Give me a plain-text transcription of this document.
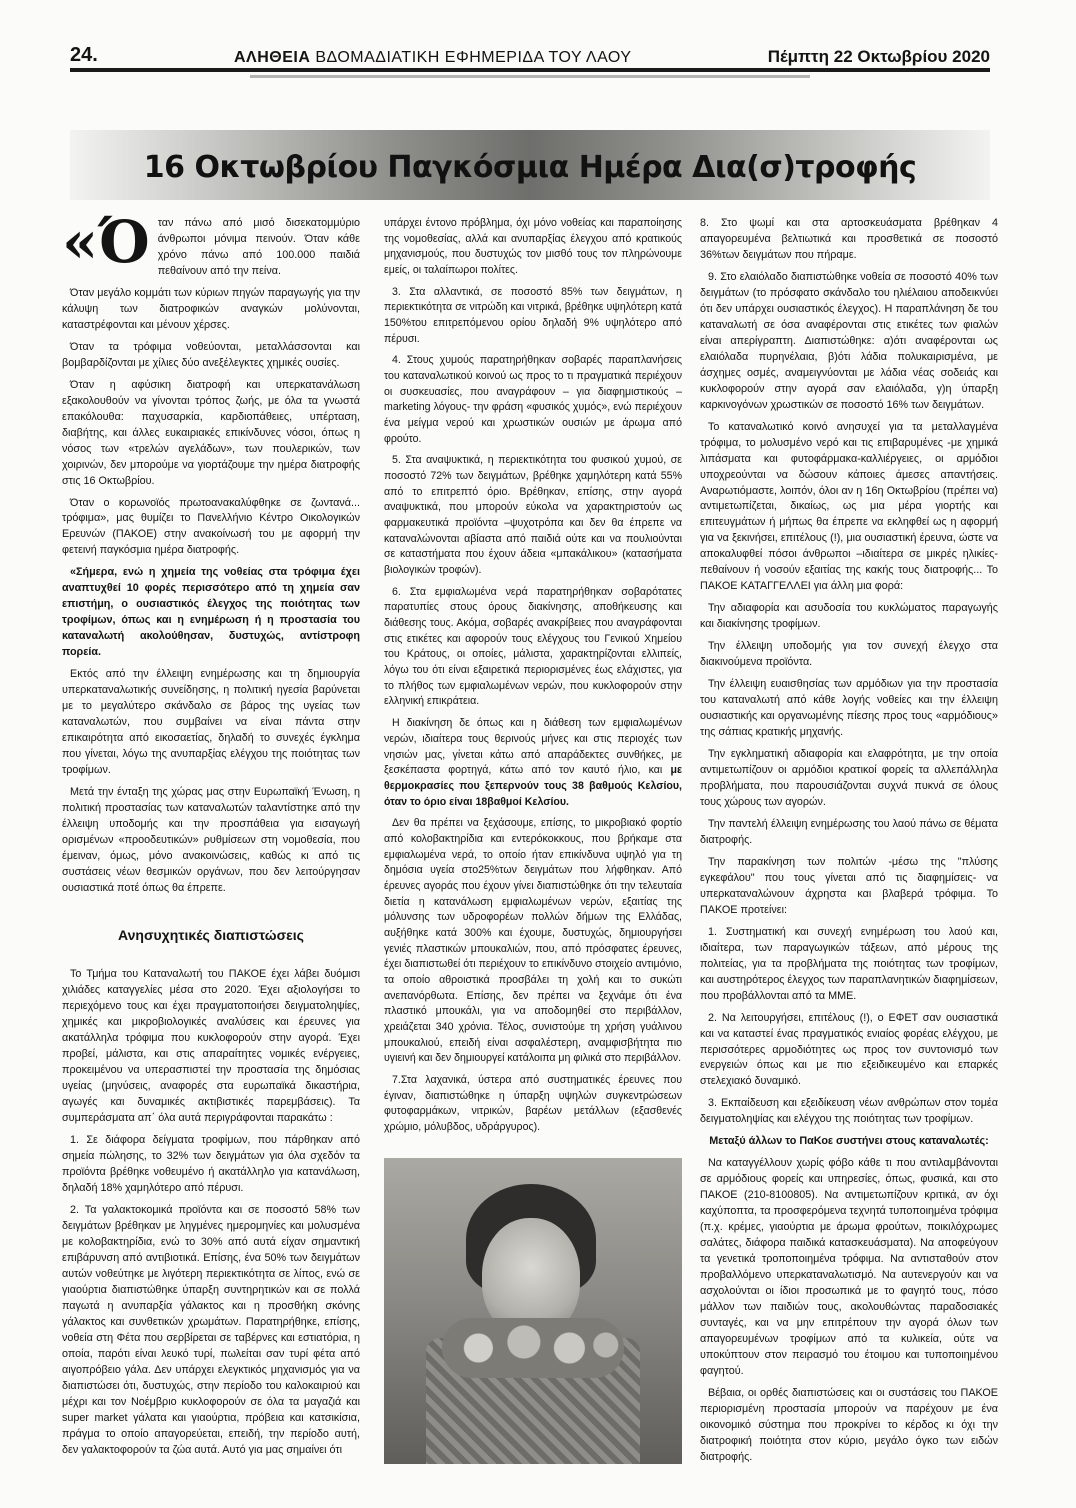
24.	ΑΛΗΘΕΙΑ ΒΔΟΜΑΔΙΑΤΙΚΗ ΕΦΗΜΕΡΙΔΑ ΤΟΥ ΛΑΟΥ	Πέμπτη 22 Οκτωβρίου 2020
16 Οκτωβρίου Παγκόσμια Ημέρα Δια(σ)τροφής
«Ό ταν πάνω από μισό δισεκατομμύριο άνθρωποι μόνιμα πεινούν. Όταν κάθε χρόνο πάνω από 100.000 παιδιά πεθαίνουν από την πείνα.

Όταν μεγάλο κομμάτι των κύριων πηγών παραγωγής για την κάλυψη των διατροφικών αναγκών μολύνονται, καταστρέφονται και μένουν χέρσες.

Όταν τα τρόφιμα νοθεύονται, μεταλλάσσονται και βομβαρδίζονται με χίλιες δύο ανεξέλεγκτες χημικές ουσίες.

Όταν η αφύσικη διατροφή και υπερκατανάλωση εξακολουθούν να γίνονται τρόπος ζωής, με όλα τα γνωστά επακόλουθα: παχυσαρκία, καρδιοπάθειες, υπέρταση, διαβήτης, και άλλες ευκαιριακές επικίνδυνες νόσοι, όπως η νόσος των «τρελών αγελάδων», των πουλερικών, των χοιρινών, δεν μπορούμε να γιορτάζουμε την ημέρα διατροφής στις 16 Οκτωβρίου.

Όταν ο κορωνοϊός πρωτοανακαλύφθηκε σε ζωντανά... τρόφιμα», μας θυμίζει το Πανελλήνιο Κέντρο Οικολογικών Ερευνών (ΠΑΚΟΕ) στην ανακοίνωσή του με αφορμή την φετεινή παγκόσμια ημέρα διατροφής.

«Σήμερα, ενώ η χημεία της νοθείας στα τρόφιμα έχει αναπτυχθεί 10 φορές περισσότερο από τη χημεία σαν επιστήμη, ο ουσιαστικός έλεγχος της ποιότητας των τροφίμων, όπως και η ενημέρωση ή η προστασία του καταναλωτή ακολούθησαν, δυστυχώς, αντίστροφη πορεία.

Εκτός από την έλλειψη ενημέρωσης και τη δημιουργία υπερκαταναλωτικής συνείδησης, η πολιτική ηγεσία βαρύνεται με το μεγαλύτερο σκάνδαλο σε βάρος της υγείας των καταναλωτών, που συμβαίνει να είναι πάντα στην επικαιρότητα από εικοσαετίας, δηλαδή το συνεχές έγκλημα που γίνεται, λόγω της ανυπαρξίας ελέγχου της ποιότητας των τροφίμων.

Μετά την ένταξη της χώρας μας στην Ευρωπαϊκή Ένωση, η πολιτική προστασίας των καταναλωτών ταλαντίστηκε από την έλλειψη υποδομής και την προσπάθεια για εισαγωγή ορισμένων «προοδευτικών» ρυθμίσεων στη νομοθεσία, που έμειναν, όμως, μόνο ανακοινώσεις, καθώς κι από τις συστάσεις νέων θεσμικών οργάνων, που δεν λειτούργησαν ουσιαστικά ποτέ όπως θα έπρεπε.

Ανησυχητικές διαπιστώσεις

Το Τμήμα του Καταναλωτή του ΠΑΚΟΕ έχει λάβει δυόμισι χιλιάδες καταγγελίες μέσα στο 2020. Έχει αξιολογήσει το περιεχόμενο τους και έχει πραγματοποιήσει δειγματοληψίες, χημικές και μικροβιολογικές αναλύσεις και έρευνες για ακατάλληλα τρόφιμα που κυκλοφορούν στην αγορά. Έχει προβεί, μάλιστα, και στις απαραίτητες νομικές ενέργειες, προκειμένου να υπερασπιστεί την προστασία της δημόσιας υγείας (μηνύσεις, αναφορές στα ευρωπαϊκά δικαστήρια, αγωγές και δυναμικές ακτιβιστικές παρεμβάσεις). Τα συμπεράσματα απ΄ όλα αυτά περιγράφονται παρακάτω :

1. Σε διάφορα δείγματα τροφίμων, που πάρθηκαν από σημεία πώλησης, το 32% των δειγμάτων για όλα σχεδόν τα προϊόντα βρέθηκε νοθευμένο ή ακατάλληλο για κατανάλωση, δηλαδή 18% χαμηλότερο από πέρυσι.

2. Τα γαλακτοκομικά προϊόντα και σε ποσοστό 58% των δειγμάτων βρέθηκαν με ληγμένες ημερομηνίες και μολυσμένα με κολοβακτηρίδια, ενώ το 30% από αυτά είχαν σημαντική επιβάρυνση από αντιβιοτικά. Επίσης, ένα 50% των δειγμάτων αυτών νοθεύτηκε με λιγότερη περιεκτικότητα σε λίπος, ενώ σε γιαούρτια διαπιστώθηκε ύπαρξη συντηρητικών και σε πολλά παγωτά η ανυπαρξία γάλακτος και η προσθήκη σκόνης γάλακτος και συνθετικών χρωμάτων. Παρατηρήθηκε, επίσης, νοθεία στη Φέτα που σερβίρεται σε ταβέρνες και εστιατόρια, η οποία, παρότι είναι λευκό τυρί, πωλείται σαν τυρί φέτα από αιγοπρόβειο γάλα. Δεν υπάρχει ελεγκτικός μηχανισμός για να διαπιστώσει ότι, δυστυχώς, στην περίοδο του καλοκαιριού και μέχρι και τον Νοέμβριο κυκλοφορούν σε όλα τα μαγαζιά και super market γάλατα και γιαούρτια, πρόβεια και κατσικίσια, πράγμα το οποίο απαγορεύεται, επειδή, την περίοδο αυτή, δεν γαλακτοφορούν τα ζώα αυτά. Αυτό για μας σημαίνει ότι

υπάρχει έντονο πρόβλημα, όχι μόνο νοθείας και παραποίησης της νομοθεσίας, αλλά και ανυπαρξίας έλεγχου από κρατικούς μηχανισμούς, που δυστυχώς τον μισθό τους τον πληρώνουμε εμείς, οι ταλαίπωροι πολίτες.

3. Στα αλλαντικά, σε ποσοστό 85% των δειγμάτων, η περιεκτικότητα σε νιτρώδη και νιτρικά, βρέθηκε υψηλότερη κατά 150%του επιτρεπόμενου ορίου δηλαδή 9% υψηλότερο από πέρυσι.

4. Στους χυμούς παρατηρήθηκαν σοβαρές παραπλανήσεις του καταναλωτικού κοινού ως προς το τι πραγματικά περιέχουν οι συσκευασίες, που αναγράφουν – για διαφημιστικούς – marketing λόγους- την φράση «φυσικός χυμός», ενώ περιέχουν ένα μείγμα νερού και χρωστικών ουσιών με άρωμα από φρούτο.

5. Στα αναψυκτικά, η περιεκτικότητα του φυσικού χυμού, σε ποσοστό 72% των δειγμάτων, βρέθηκε χαμηλότερη κατά 55% από το επιτρεπτό όριο. Βρέθηκαν, επίσης, στην αγορά αναψυκτικά, που μπορούν εύκολα να χαρακτηριστούν ως φαρμακευτικά προϊόντα –ψυχοτρόπα και δεν θα έπρεπε να καταναλώνονται αβίαστα από παιδιά ούτε και να πουλιούνται σε καταστήματα που έχουν άδεια «μπακάλικου» (κατασήματα βιολογικών τροφών).

6. Στα εμφιαλωμένα νερά παρατηρήθηκαν σοβαρότατες παρατυπίες στους όρους διακίνησης, αποθήκευσης και διάθεσης τους. Ακόμα, σοβαρές ανακρίβειες που αναγράφονται στις ετικέτες και αφορούν τους ελέγχους του Γενικού Χημείου του Κράτους, οι οποίες, μάλιστα, χαρακτηρίζονται ελλιπείς, λόγω του ότι είναι εξαιρετικά περιορισμένες έως ελάχιστες, για το πλήθος των εμφιαλωμένων νερών, που κυκλοφορούν στην ελληνική επικράτεια.

Η διακίνηση δε όπως και η διάθεση των εμφιαλωμένων νερών, ιδιαίτερα τους θερινούς μήνες και στις περιοχές των νησιών μας, γίνεται κάτω από απαράδεκτες συνθήκες, με ξεσκέπαστα φορτηγά, κάτω από τον καυτό ήλιο, και με θερμοκρασίες που ξεπερνούν τους 38 βαθμούς Κελσίου, όταν το όριο είναι 18βαθμοί Κελσίου.

Δεν θα πρέπει να ξεχάσουμε, επίσης, το μικροβιακό φορτίο από κολοβακτηρίδια και εντερόκοκκους, που βρήκαμε στα εμφιαλωμένα νερά, το οποίο ήταν επικίνδυνα υψηλό για τη δημόσια υγεία στο25%των δειγμάτων που λήφθηκαν. Από έρευνες αγοράς που έχουν γίνει διαπιστώθηκε ότι την τελευταία διετία η κατανάλωση εμφιαλωμένων νερών, εξαιτίας της μόλυνσης των υδροφορέων πολλών δήμων της Ελλάδας, αυξήθηκε κατά 300% και έχουμε, δυστυχώς, δημιουργήσει γενιές πλαστικών μπουκαλιών, που, από πρόσφατες έρευνες, έχει διαπιστωθεί ότι περιέχουν το επικίνδυνο στοιχείο αντιμόνιο, τα οποίο αθροιστικά προσβάλει τη χολή και το συκώτι ανεπανόρθωτα. Επίσης, δεν πρέπει να ξεχνάμε ότι ένα πλαστικό μπουκάλι, για να αποδομηθεί στο περιβάλλον, χρειάζεται 340 χρόνια. Τέλος, συνιστούμε τη χρήση γυάλινου μπουκαλιού, επειδή είναι ασφαλέστερη, αναμφισβήτητα πιο υγιεινή και δεν δημιουργεί κατάλοιπα μη φιλικά στο περιβάλλον.

7.Στα λαχανικά, ύστερα από συστηματικές έρευνες που έγιναν, διαπιστώθηκε η ύπαρξη υψηλών συγκεντρώσεων φυτοφαρμάκων, νιτρικών, βαρέων μετάλλων (εξασθενές χρώμιο, μόλυβδος, υδράργυρος).

8. Στο ψωμί και στα αρτοσκευάσματα βρέθηκαν 4 απαγορευμένα βελτιωτικά και προσθετικά σε ποσοστό 36%των δειγμάτων που πήραμε.

9. Στο ελαιόλαδο διαπιστώθηκε νοθεία σε ποσοστό 40% των δειγμάτων (το πρόσφατο σκάνδαλο του ηλιέλαιου αποδεικνύει ότι δεν υπάρχει ουσιαστικός έλεγχος). Η παραπλάνηση δε του καταναλωτή σε όσα αναφέρονται στις ετικέτες των φιαλών είναι απερίγραπτη. Διαπιστώθηκε: α)ότι αναφέρονται ως ελαιόλαδα πυρηνέλαια, β)ότι λάδια πολυκαιρισμένα, με άσχημες οσμές, αναμειγνύονται με λάδια νέας σοδειάς και κυκλοφορούν στην αγορά σαν ελαιόλαδα, γ)η ύπαρξη καρκινογόνων χρωστικών σε ποσοστό 16% των δειγμάτων.

Το καταναλωτικό κοινό ανησυχεί για τα μεταλλαγμένα τρόφιμα, το μολυσμένο νερό και τις επιβαρυμένες -με χημικά λιπάσματα και φυτοφάρμακα-καλλιέργειες, οι αρμόδιοι υποχρεούνται να δώσουν κάποιες άμεσες απαντήσεις. Αναρωτιόμαστε, λοιπόν, όλοι αν η 16η Οκτωβρίου (πρέπει να) αντιμετωπίζεται, δικαίως, ως μια μέρα γιορτής και επιτευγμάτων ή μήπως θα έπρεπε να εκληφθεί ως η αφορμή για να ξεκινήσει, επιτέλους (!), μια ουσιαστική έρευνα, ώστε να αποκαλυφθεί πόσοι άνθρωποι –ιδιαίτερα σε μικρές ηλικίες-πεθαίνουν ή νοσούν εξαιτίας της κακής τους διατροφής... Το ΠΑΚΟΕ ΚΑΤΑΓΓΕΛΛΕΙ για άλλη μια φορά:

Την αδιαφορία και ασυδοσία του κυκλώματος παραγωγής και διακίνησης τροφίμων.

Την έλλειψη υποδομής για τον συνεχή έλεγχο στα διακινούμενα προϊόντα.

Την έλλειψη ευαισθησίας των αρμόδιων για την προστασία του καταναλωτή από κάθε λογής νοθείες και την έλλειψη ουσιαστικής και οργανωμένης πίεσης προς τους «αρμόδιους» της σάπιας κρατικής μηχανής.

Την εγκληματική αδιαφορία και ελαφρότητα, με την οποία αντιμετωπίζουν οι αρμόδιοι κρατικοί φορείς τα αλλεπάλληλα προβλήματα, που παρουσιάζονται συχνά πυκνά σε όλους τους χώρους των αγορών.

Την παντελή έλλειψη ενημέρωσης του λαού πάνω σε θέματα διατροφής.

Την παρακίνηση των πολιτών -μέσω της "πλύσης εγκεφάλου" που τους γίνεται από τις διαφημίσεις- να υπερκαταναλώνουν άχρηστα και βλαβερά τρόφιμα. Το ΠΑΚΟΕ προτείνει:

1. Συστηματική και συνεχή ενημέρωση του λαού και, ιδιαίτερα, των παραγωγικών τάξεων, από μέρους της πολιτείας, για τα προβλήματα της ποιότητας των τροφίμων, και αυστηρότερος έλεγχος των παραπλανητικών διαφημίσεων, που προβάλλονται από τα ΜΜΕ.

2. Να λειτουργήσει, επιτέλους (!), ο ΕΦΕΤ σαν ουσιαστικά και να καταστεί ένας πραγματικός ενιαίος φορέας ελέγχου, με περισσότερες αρμοδιότητες ως προς τον συντονισμό των ενεργειών όπως και με πιο εξειδικευμένο και επαρκές στελεχιακό δυναμικό.

3. Εκπαίδευση και εξειδίκευση νέων ανθρώπων στον τομέα δειγματοληψίας και ελέγχου της ποιότητας των τροφίμων.

Μεταξύ άλλων το ΠαΚοε συστήνει στους καταναλωτές:

Να καταγγέλλουν χωρίς φόβο κάθε τι που αντιλαμβάνονται σε αρμόδιους φορείς και υπηρεσίες, όπως, φυσικά, και στο ΠΑΚΟΕ (210-8100805). Να αντιμετωπίζουν κριτικά, αν όχι καχύποπτα, τα προσφερόμενα τεχνητά τυποποιημένα τρόφιμα (π.χ. κρέμες, γιαούρτια με άρωμα φρούτων, ποικιλόχρωμες σαλάτες, διάφορα παιδικά κατασκευάσματα). Να αποφεύγουν τα γενετικά τροποποιημένα τρόφιμα. Να αντισταθούν στον προβαλλόμενο υπερκαταναλωτισμό. Να αυτενεργούν και να ασχολούνται οι ίδιοι προσωπικά με το φαγητό τους, πόσο μάλλον των παιδιών τους, ακολουθώντας παραδοσιακές συνταγές, και να μην επιτρέπουν την αγορά όλων των απαγορευμένων τροφίμων από τα κυλικεία, ούτε να υποκύπτουν στον πειρασμό του έτοιμου και τυποποιημένου φαγητού.

Βέβαια, οι ορθές διαπιστώσεις και οι συστάσεις του ΠΑΚΟΕ περιορισμένη προστασία μπορούν να παρέχουν με ένα οικονομικό σύστημα που προκρίνει το κέρδος κι όχι την διατροφική ποιότητα στον κύριο, μεγάλο όγκο των ειδών διατροφής.
